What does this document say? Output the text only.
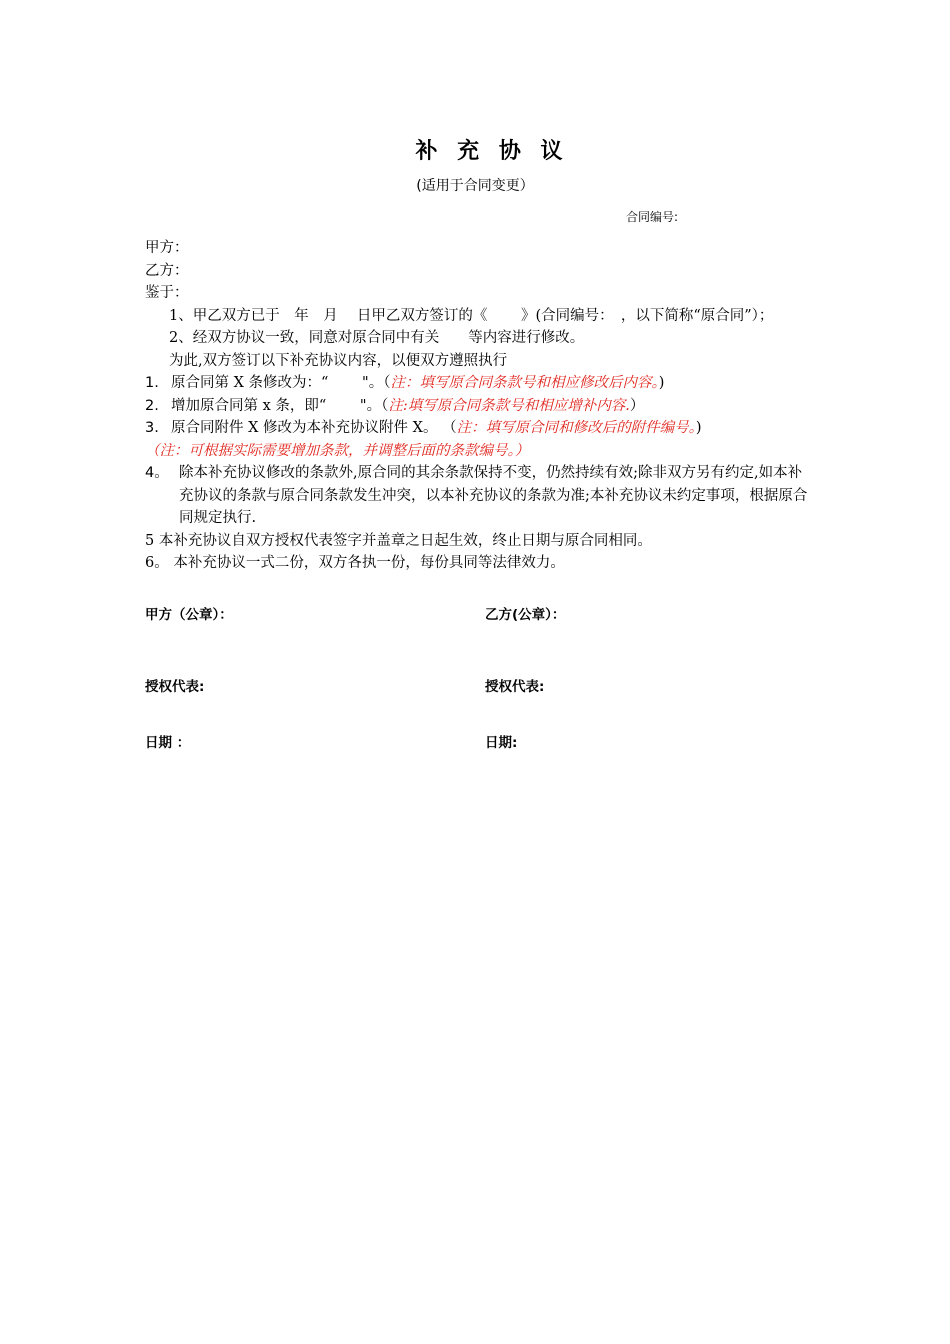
补 充 协 议
(适用于合同变更）
合同编号:
甲方：
乙方：
鉴于：
1、甲乙双方已于　年　月　 日甲乙双方签订的《　　 》(合同编号：　，以下简称“原合同”）；
2、经双方协议一致，同意对原合同中有关　　等内容进行修改。
为此,双方签订以下补充协议内容，以便双方遵照执行
1. 原合同第 X 条修改为：“　　 "。（注：填写原合同条款号和相应修改后内容。)
2. 增加原合同第 x 条，即“　　 "。（注:填写原合同条款号和相应增补内容.）
3. 原合同附件 X 修改为本补充协议附件 X。 （注：填写原合同和修改后的附件编号。)
（注：可根据实际需要增加条款，并调整后面的条款编号。）
4。 除本补充协议修改的条款外,原合同的其余条款保持不变，仍然持续有效;除非双方另有约定,如本补充协议的条款与原合同条款发生冲突，以本补充协议的条款为准;本补充协议未约定事项，根据原合同规定执行.
5 本补充协议自双方授权代表签字并盖章之日起生效，终止日期与原合同相同。
6。 本补充协议一式二份，双方各执一份，每份具同等法律效力。
甲方（公章）：	乙方(公章）：
授权代表:	授权代表:
日期 ：	日期:
